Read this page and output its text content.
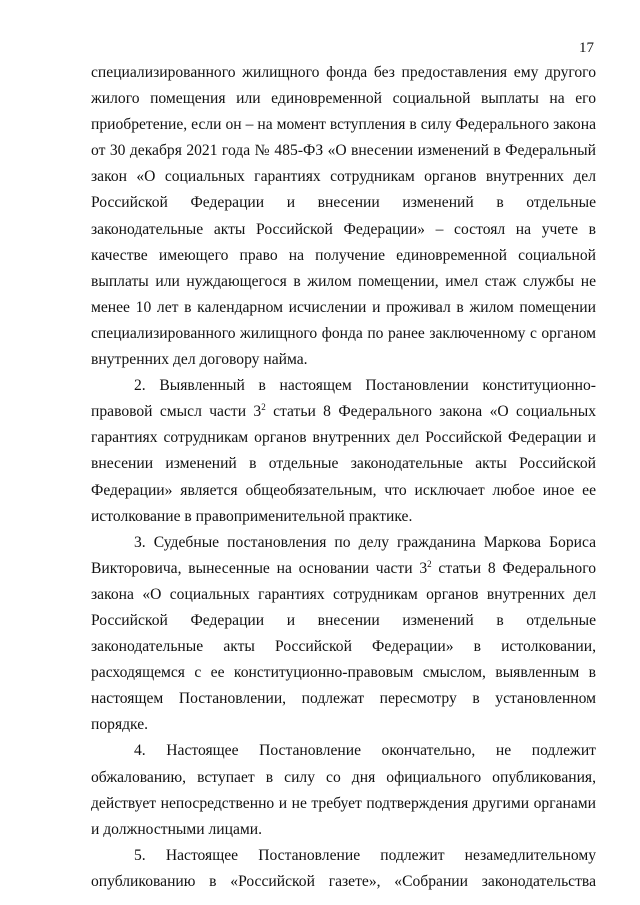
17

специализированного жилищного фонда без предоставления ему другого жилого помещения или единовременной социальной выплаты на его приобретение, если он – на момент вступления в силу Федерального закона от 30 декабря 2021 года № 485-ФЗ «О внесении изменений в Федеральный закон «О социальных гарантиях сотрудникам органов внутренних дел Российской Федерации и внесении изменений в отдельные законодательные акты Российской Федерации» – состоял на учете в качестве имеющего право на получение единовременной социальной выплаты или нуждающегося в жилом помещении, имел стаж службы не менее 10 лет в календарном исчислении и проживал в жилом помещении специализированного жилищного фонда по ранее заключенному с органом внутренних дел договору найма.

2. Выявленный в настоящем Постановлении конституционно-правовой смысл части $3^2$ статьи 8 Федерального закона «О социальных гарантиях сотрудникам органов внутренних дел Российской Федерации и внесении изменений в отдельные законодательные акты Российской Федерации» является общеобязательным, что исключает любое иное ее истолкование в правоприменительной практике.

3. Судебные постановления по делу гражданина Маркова Бориса Викторовича, вынесенные на основании части $3^2$ статьи 8 Федерального закона «О социальных гарантиях сотрудникам органов внутренних дел Российской Федерации и внесении изменений в отдельные законодательные акты Российской Федерации» в истолковании, расходящемся с ее конституционно-правовым смыслом, выявленным в настоящем Постановлении, подлежат пересмотру в установленном порядке.

4. Настоящее Постановление окончательно, не подлежит обжалованию, вступает в силу со дня официального опубликования, действует непосредственно и не требует подтверждения другими органами и должностными лицами.

5. Настоящее Постановление подлежит незамедлительному опубликованию в «Российской газете», «Собрании законодательства
